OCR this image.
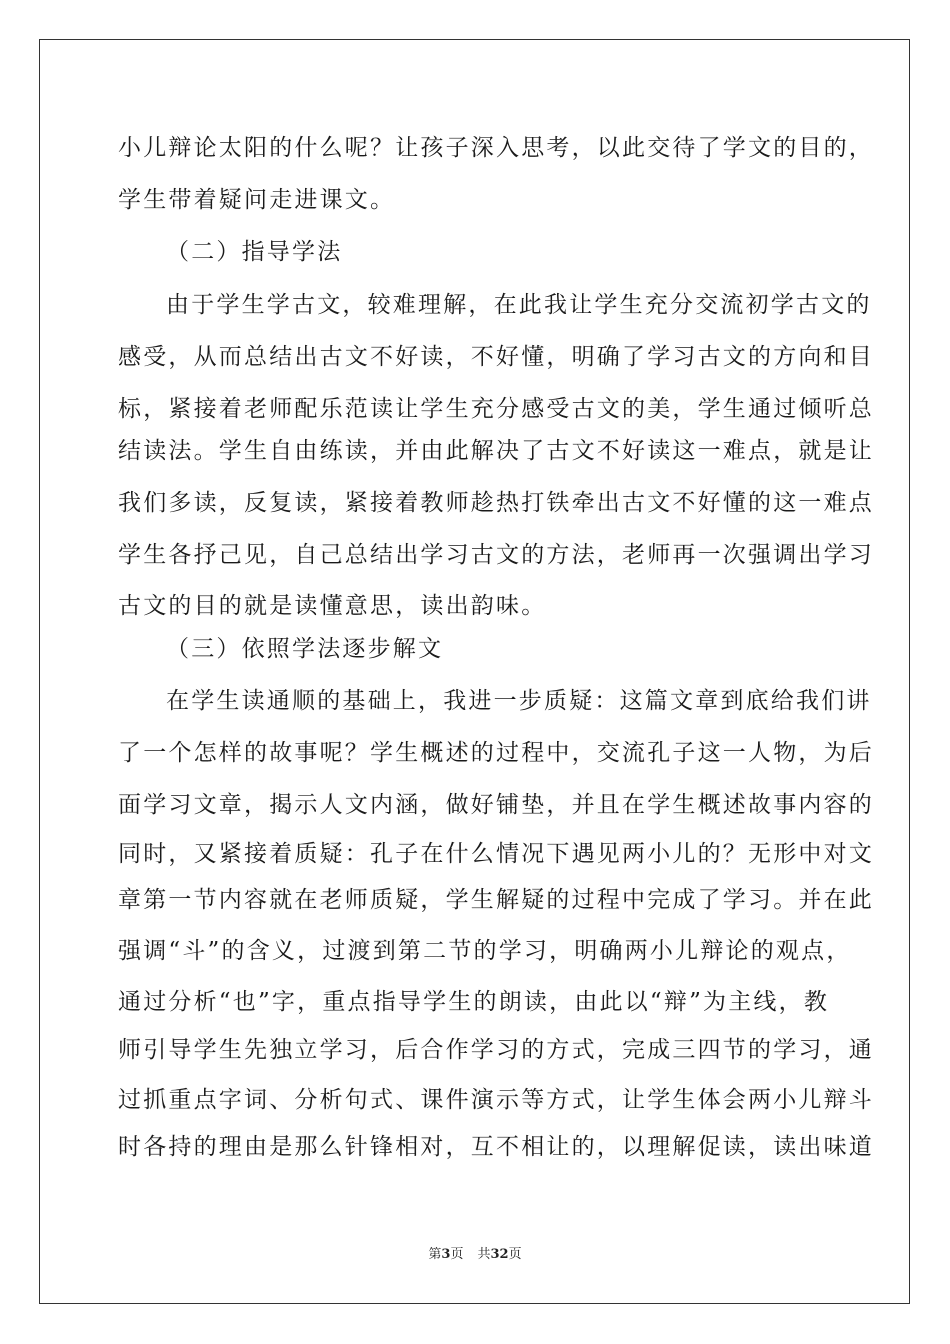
小儿辩论太阳的什么呢？让孩子深入思考，以此交待了学文的目的，
学生带着疑问走进课文。
（二）指导学法
由于学生学古文，较难理解，在此我让学生充分交流初学古文的
感受，从而总结出古文不好读，不好懂，明确了学习古文的方向和目
标，紧接着老师配乐范读让学生充分感受古文的美，学生通过倾听总
结读法。学生自由练读，并由此解决了古文不好读这一难点，就是让
我们多读，反复读，紧接着教师趁热打铁牵出古文不好懂的这一难点
学生各抒己见，自己总结出学习古文的方法，老师再一次强调出学习
古文的目的就是读懂意思，读出韵味。
（三）依照学法逐步解文
在学生读通顺的基础上，我进一步质疑：这篇文章到底给我们讲
了一个怎样的故事呢？学生概述的过程中，交流孔子这一人物，为后
面学习文章，揭示人文内涵，做好铺垫，并且在学生概述故事内容的
同时，又紧接着质疑：孔子在什么情况下遇见两小儿的？无形中对文
章第一节内容就在老师质疑，学生解疑的过程中完成了学习。并在此
强调“斗”的含义，过渡到第二节的学习，明确两小儿辩论的观点，
通过分析“也”字，重点指导学生的朗读，由此以“辩”为主线，教
师引导学生先独立学习，后合作学习的方式，完成三四节的学习，通
过抓重点字词、分析句式、课件演示等方式，让学生体会两小儿辩斗
时各持的理由是那么针锋相对，互不相让的，以理解促读，读出味道
第3页 共32页
